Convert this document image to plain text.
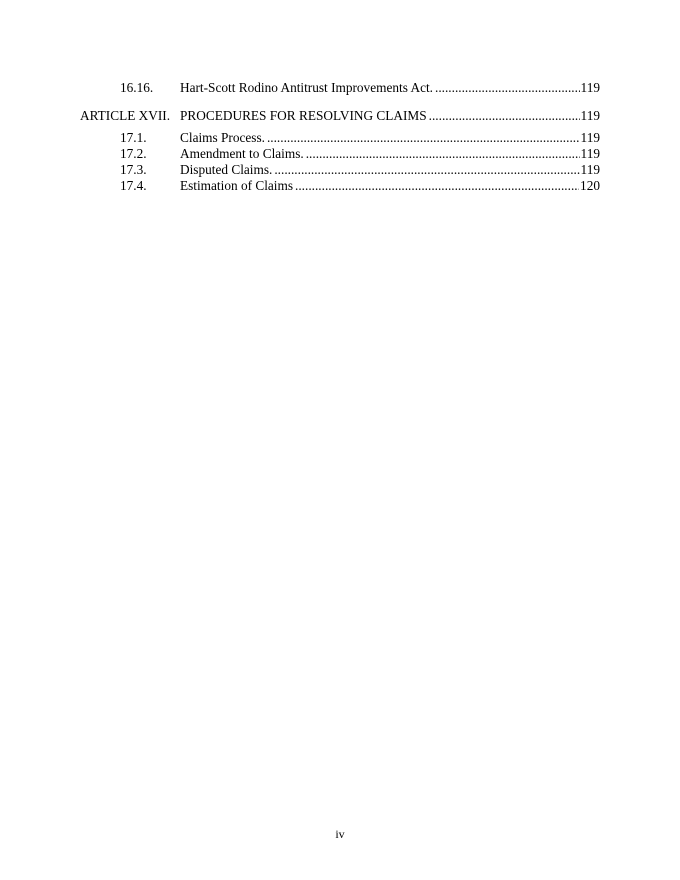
16.16. Hart-Scott Rodino Antitrust Improvements Act. .....	119
ARTICLE XVII. PROCEDURES FOR RESOLVING CLAIMS .....	119
17.1.	Claims Process. .....	119
17.2.	Amendment to Claims. .....	119
17.3.	Disputed Claims. .....	119
17.4.	Estimation of Claims .....	120
iv
